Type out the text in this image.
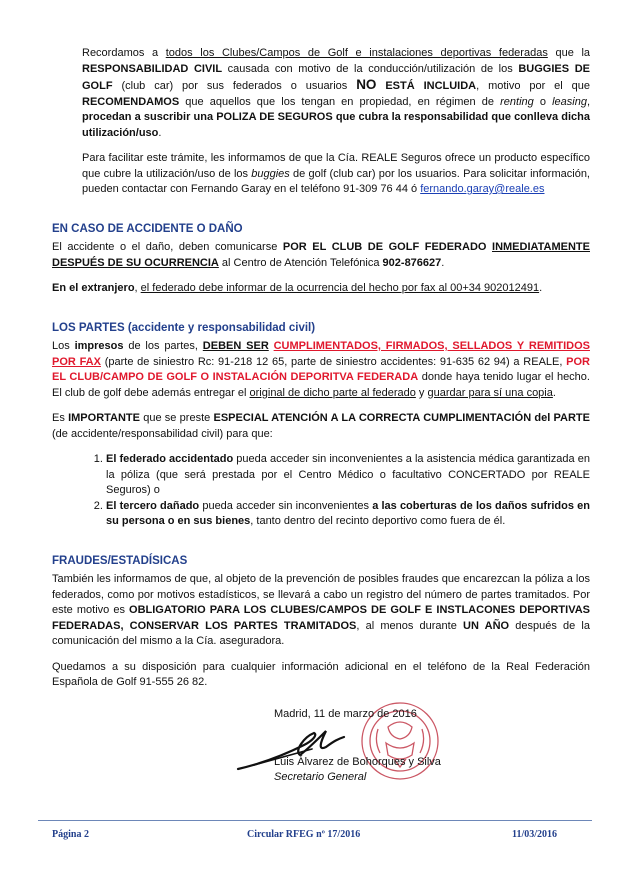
Recordamos a todos los Clubes/Campos de Golf e instalaciones deportivas federadas que la RESPONSABILIDAD CIVIL causada con motivo de la conducción/utilización de los BUGGIES DE GOLF (club car) por sus federados o usuarios NO ESTÁ INCLUIDA, motivo por el que RECOMENDAMOS que aquellos que los tengan en propiedad, en régimen de renting o leasing, procedan a suscribir una POLIZA DE SEGUROS que cubra la responsabilidad que conlleva dicha utilización/uso.

Para facilitar este trámite, les informamos de que la Cía. REALE Seguros ofrece un producto específico que cubre la utilización/uso de los buggies de golf (club car) por los usuarios. Para solicitar información, pueden contactar con Fernando Garay en el teléfono 91-309 76 44 ó fernando.garay@reale.es

EN CASO DE ACCIDENTE O DAÑO

El accidente o el daño, deben comunicarse POR EL CLUB DE GOLF FEDERADO INMEDIATAMENTE DESPUÉS DE SU OCURRENCIA al Centro de Atención Telefónica 902-876627.

En el extranjero, el federado debe informar de la ocurrencia del hecho por fax al 00+34 902012491.

LOS PARTES (accidente y responsabilidad civil)

Los impresos de los partes, DEBEN SER CUMPLIMENTADOS, FIRMADOS, SELLADOS Y REMITIDOS POR FAX (parte de siniestro Rc: 91-218 12 65, parte de siniestro accidentes: 91-635 62 94) a REALE, POR EL CLUB/CAMPO DE GOLF O INSTALACIÓN DEPORITVA FEDERADA donde haya tenido lugar el hecho. El club de golf debe además entregar el original de dicho parte al federado y guardar para sí una copia.

Es IMPORTANTE que se preste ESPECIAL ATENCIÓN A LA CORRECTA CUMPLIMENTACIÓN del PARTE (de accidente/responsabilidad civil) para que:

1. El federado accidentado pueda acceder sin inconvenientes a la asistencia médica garantizada en la póliza (que será prestada por el Centro Médico o facultativo CONCERTADO por REALE Seguros) o
2. El tercero dañado pueda acceder sin inconvenientes a las coberturas de los daños sufridos en su persona o en sus bienes, tanto dentro del recinto deportivo como fuera de él.
FRAUDES/ESTADÍSICAS

También les informamos de que, al objeto de la prevención de posibles fraudes que encarezcan la póliza a los federados, como por motivos estadísticos, se llevará a cabo un registro del número de partes tramitados. Por este motivo es OBLIGATORIO PARA LOS CLUBES/CAMPOS DE GOLF E INSTLACONES DEPORTIVAS FEDERADAS, CONSERVAR LOS PARTES TRAMITADOS, al menos durante UN AÑO después de la comunicación del mismo a la Cía. aseguradora.

Quedamos a su disposición para cualquier información adicional en el teléfono de la Real Federación Española de Golf 91-555 26 82.

Madrid, 11 de marzo de 2016
Luis Álvarez de Bohorques y Silva
Secretario General
Página 2	Circular RFEG nº 17/2016	11/03/2016
